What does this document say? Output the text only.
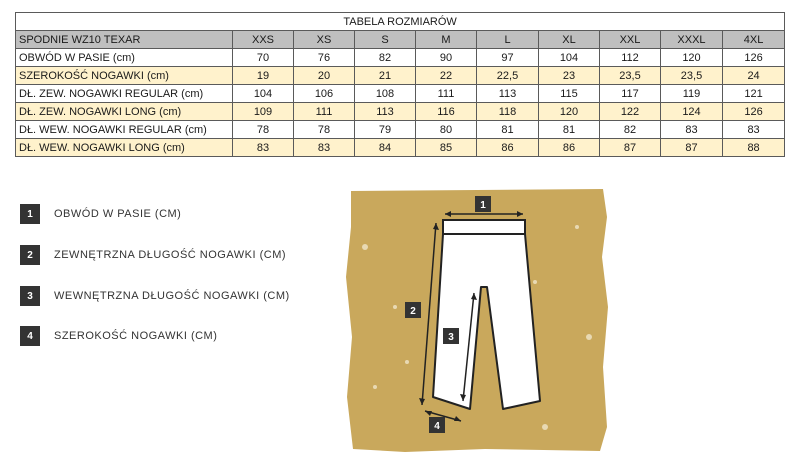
TABELA ROZMIARÓW									
SPODNIE WZ10 TEXAR	XXS	XS	S	M	L	XL	XXL	XXXL	4XL
OBWÓD W PASIE (cm)	70	76	82	90	97	104	112	120	126
SZEROKOŚĆ NOGAWKI (cm)	19	20	21	22	22,5	23	23,5	23,5	24
DŁ. ZEW. NOGAWKI REGULAR (cm)	104	106	108	111	113	115	117	119	121
DŁ. ZEW. NOGAWKI LONG (cm)	109	111	113	116	118	120	122	124	126
DŁ. WEW. NOGAWKI REGULAR (cm)	78	78	79	80	81	81	82	83	83
DŁ. WEW. NOGAWKI LONG (cm)	83	83	84	85	86	86	87	87	88
1	OBWÓD W PASIE (CM)
2	ZEWNĘTRZNA DŁUGOŚĆ NOGAWKI (CM)
3	WEWNĘTRZNA DŁUGOŚĆ NOGAWKI (CM)
4	SZEROKOŚĆ NOGAWKI (CM)
1
2
3
4
